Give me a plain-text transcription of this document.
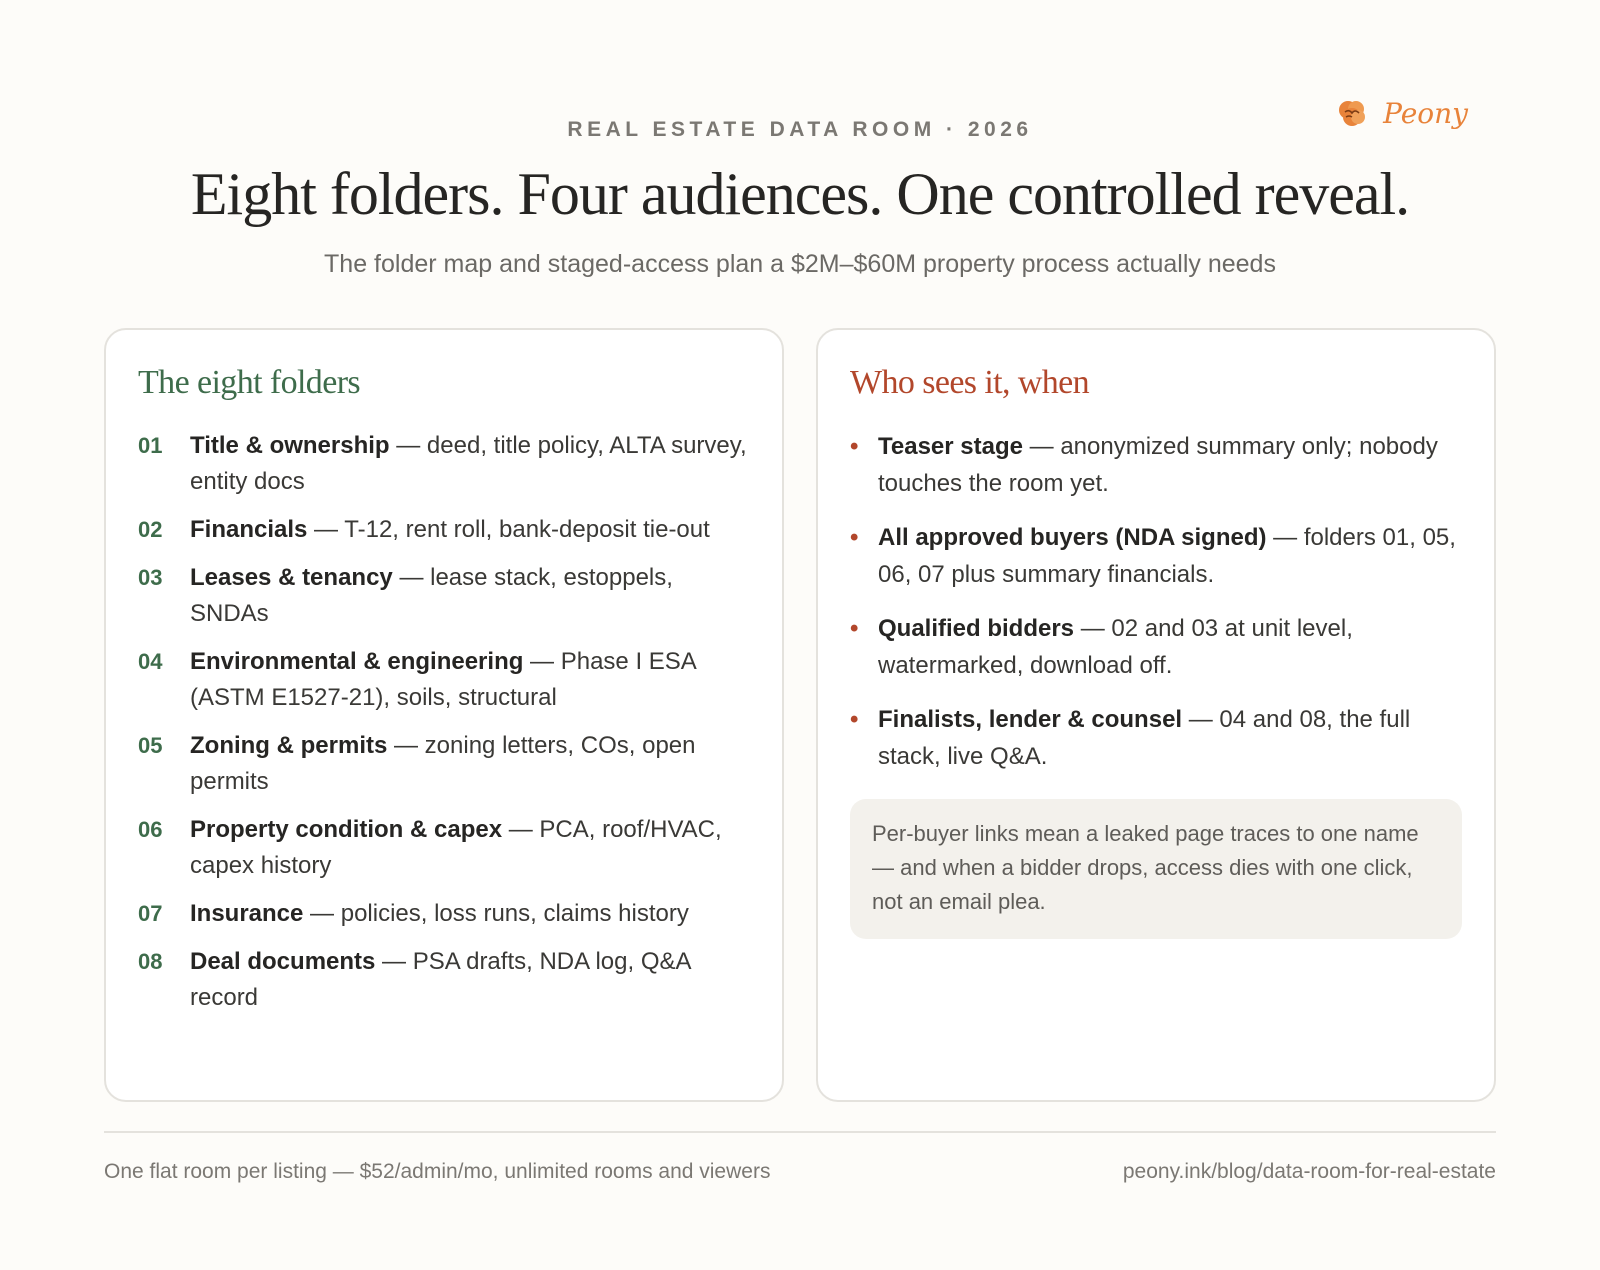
Peony
REAL ESTATE DATA ROOM · 2026
Eight folders. Four audiences. One controlled reveal.
The folder map and staged-access plan a $2M–$60M property process actually needs
The eight folders
01	Title & ownership — deed, title policy, ALTA survey, entity docs
02	Financials — T-12, rent roll, bank-deposit tie-out
03	Leases & tenancy — lease stack, estoppels, SNDAs
04	Environmental & engineering — Phase I ESA (ASTM E1527-21), soils, structural
05	Zoning & permits — zoning letters, COs, open permits
06	Property condition & capex — PCA, roof/HVAC, capex history
07	Insurance — policies, loss runs, claims history
08	Deal documents — PSA drafts, NDA log, Q&A record
Who sees it, when
• Teaser stage — anonymized summary only; nobody touches the room yet.
• All approved buyers (NDA signed) — folders 01, 05, 06, 07 plus summary financials.
• Qualified bidders — 02 and 03 at unit level, watermarked, download off.
• Finalists, lender & counsel — 04 and 08, the full stack, live Q&A.
Per-buyer links mean a leaked page traces to one name — and when a bidder drops, access dies with one click, not an email plea.
One flat room per listing — $52/admin/mo, unlimited rooms and viewers	peony.ink/blog/data-room-for-real-estate
